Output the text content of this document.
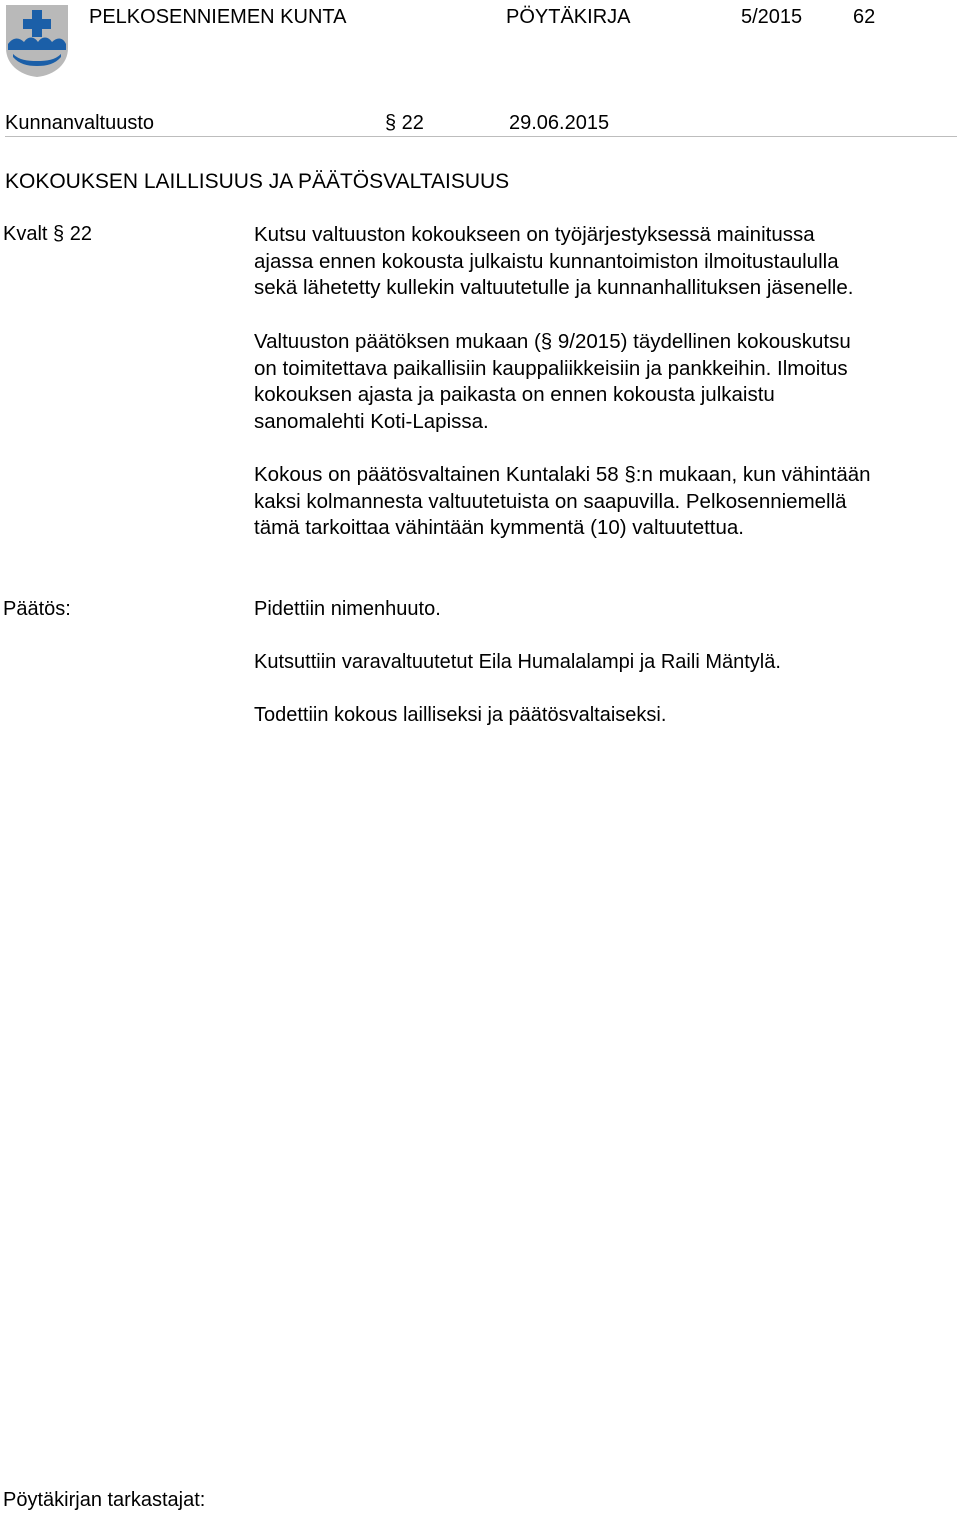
PELKOSENNIEMEN KUNTA	PÖYTÄKIRJA	5/2015	62
Kunnanvaltuusto	§ 22	29.06.2015
KOKOUKSEN LAILLISUUS JA PÄÄTÖSVALTAISUUS
Kvalt § 22	Kutsu valtuuston kokoukseen on työjärjestyksessä mainitussa
ajassa ennen kokousta julkaistu kunnantoimiston ilmoitustaululla
sekä lähetetty kullekin valtuutetulle ja kunnanhallituksen jäsenelle.
Valtuuston päätöksen mukaan (§ 9/2015) täydellinen kokouskutsu
on toimitettava paikallisiin kauppaliikkeisiin ja pankkeihin. Ilmoitus
kokouksen ajasta ja paikasta on ennen kokousta julkaistu
sanomalehti Koti-Lapissa.
Kokous on päätösvaltainen Kuntalaki 58 §:n mukaan, kun vähintään
kaksi kolmannesta valtuutetuista on saapuvilla. Pelkosenniemellä
tämä tarkoittaa vähintään kymmentä (10) valtuutettua.
Päätös:	Pidettiin nimenhuuto.
Kutsuttiin varavaltuutetut Eila Humalalampi ja Raili Mäntylä.
Todettiin kokous lailliseksi ja päätösvaltaiseksi.
Pöytäkirjan tarkastajat:
